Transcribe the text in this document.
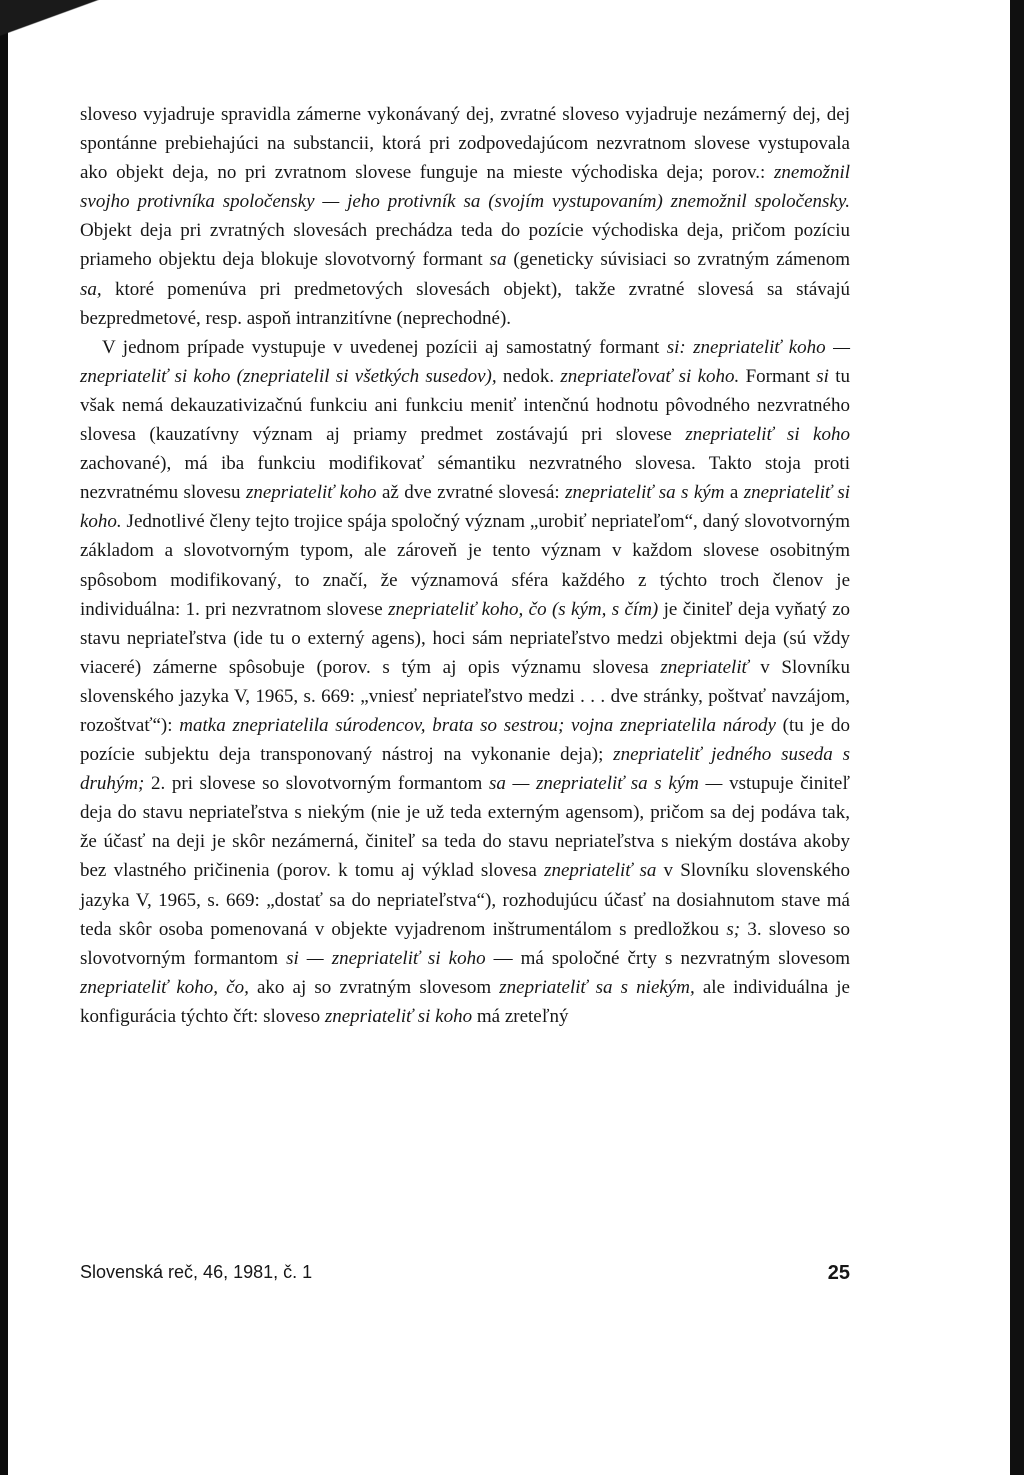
sloveso vyjadruje spravidla zámerne vykonávaný dej, zvratné sloveso vyjadruje nezámerný dej, dej spontánne prebiehajúci na substancii, ktorá pri zodpovedajúcom nezvratnom slovese vystupovala ako objekt deja, no pri zvratnom slovese funguje na mieste východiska deja; porov.: znemožnil svojho protivníka spoločensky — jeho protivník sa (svojím vystupovaním) znemožnil spoločensky. Objekt deja pri zvratných slovesách prechádza teda do pozície východiska deja, pričom pozíciu priameho objektu deja blokuje slovotvorný formant sa (geneticky súvisiaci so zvratným zámenom sa, ktoré pomenúva pri predmetových slovesách objekt), takže zvratné slovesá sa stávajú bezpredmetové, resp. aspoň intranzitívne (neprechodné).

V jednom prípade vystupuje v uvedenej pozícii aj samostatný formant si: znepriateliť koho — znepriateliť si koho (znepriatelil si všetkých susedov), nedok. znepriateľovať si koho. Formant si tu však nemá dekauzativizačnú funkciu ani funkciu meniť intenčnú hodnotu pôvodného nezvratného slovesa (kauzatívny význam aj priamy predmet zostávajú pri slovese znepriateliť si koho zachované), má iba funkciu modifikovať sémantiku nezvratného slovesa. Takto stoja proti nezvratnému slovesu znepriateliť koho až dve zvratné slovesá: znepriateliť sa s kým a znepriateliť si koho. Jednotlivé členy tejto trojice spája spoločný význam „urobiť nepriateľom“, daný slovotvorným základom a slovotvorným typom, ale zároveň je tento význam v každom slovese osobitným spôsobom modifikovaný, to značí, že významová sféra každého z týchto troch členov je individuálna: 1. pri nezvratnom slovese znepriateliť koho, čo (s kým, s čím) je činiteľ deja vyňatý zo stavu nepriateľstva (ide tu o externý agens), hoci sám nepriateľstvo medzi objektmi deja (sú vždy viaceré) zámerne spôsobuje (porov. s tým aj opis významu slovesa znepriateliť v Slovníku slovenského jazyka V, 1965, s. 669: „vniesť nepriateľstvo medzi . . . dve stránky, poštvať navzájom, rozoštvať“): matka znepriatelila súrodencov, brata so sestrou; vojna znepriatelila národy (tu je do pozície subjektu deja transponovaný nástroj na vykonanie deja); znepriateliť jedného suseda s druhým; 2. pri slovese so slovotvorným formantom sa — znepriateliť sa s kým — vstupuje činiteľ deja do stavu nepriateľstva s niekým (nie je už teda externým agensom), pričom sa dej podáva tak, že účasť na deji je skôr nezámerná, činiteľ sa teda do stavu nepriateľstva s niekým dostáva akoby bez vlastného pričinenia (porov. k tomu aj výklad slovesa znepriateliť sa v Slovníku slovenského jazyka V, 1965, s. 669: „dostať sa do nepriateľstva“), rozhodujúcu účasť na dosiahnutom stave má teda skôr osoba pomenovaná v objekte vyjadrenom inštrumentálom s predložkou s; 3. sloveso so slovotvorným formantom si — znepriateliť si koho — má spoločné črty s nezvratným slovesom znepriateliť koho, čo, ako aj so zvratným slovesom znepriateliť sa s niekým, ale individuálna je konfigurácia týchto čŕt: sloveso znepriateliť si koho má zreteľný

Slovenská reč, 46, 1981, č. 1	25
